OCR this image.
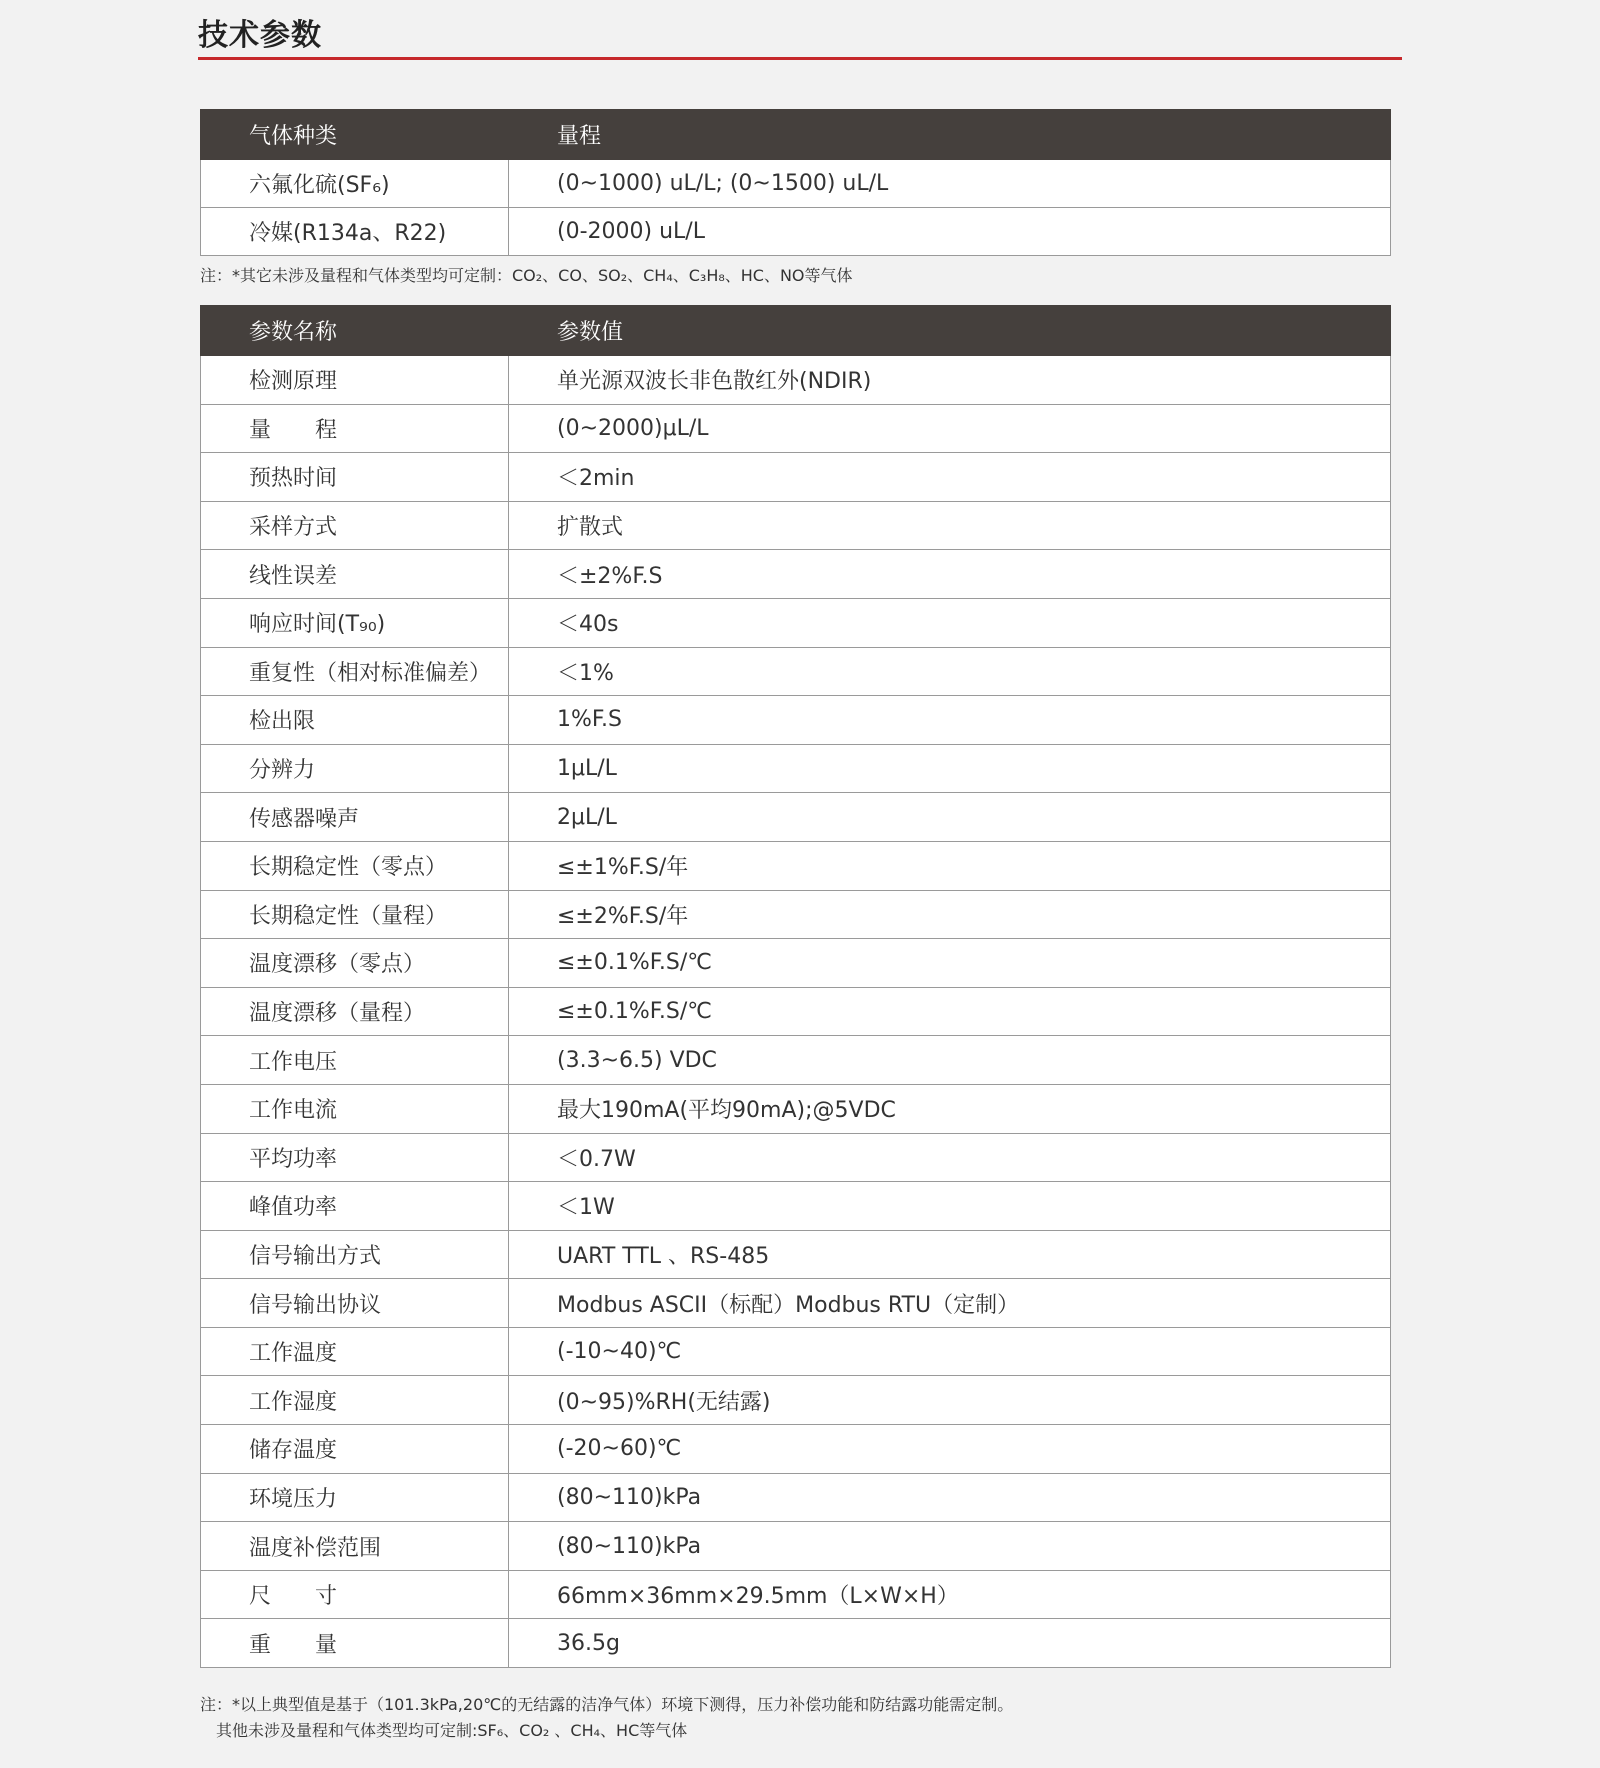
技术参数
气体种类	量程
六氟化硫(SF₆)	(0~1000) uL/L; (0~1500) uL/L
冷媒(R134a、R22)	(0-2000) uL/L

注：*其它未涉及量程和气体类型均可定制：CO₂、CO、SO₂、CH₄、C₃H₈、HC、NO等气体

参数名称	参数值
检测原理	单光源双波长非色散红外(NDIR)
量　　程	(0~2000)μL/L
预热时间	＜2min
采样方式	扩散式
线性误差	＜±2%F.S
响应时间(T₉₀)	＜40s
重复性（相对标准偏差）	＜1%
检出限	1%F.S
分辨力	1μL/L
传感器噪声	2μL/L
长期稳定性（零点）	≤±1%F.S/年
长期稳定性（量程）	≤±2%F.S/年
温度漂移（零点）	≤±0.1%F.S/℃
温度漂移（量程）	≤±0.1%F.S/℃
工作电压	(3.3~6.5) VDC
工作电流	最大190mA(平均90mA);@5VDC
平均功率	＜0.7W
峰值功率	＜1W
信号输出方式	UART TTL 、RS-485
信号输出协议	Modbus ASCII（标配）Modbus RTU（定制）
工作温度	(-10~40)℃
工作湿度	(0~95)%RH(无结露)
储存温度	(-20~60)℃
环境压力	(80~110)kPa
温度补偿范围	(80~110)kPa
尺　　寸	66mm×36mm×29.5mm（L×W×H）
重　　量	36.5g

注：*以上典型值是基于（101.3kPa,20℃的无结露的洁净气体）环境下测得，压力补偿功能和防结露功能需定制。

其他未涉及量程和气体类型均可定制:SF₆、CO₂ 、CH₄、HC等气体
